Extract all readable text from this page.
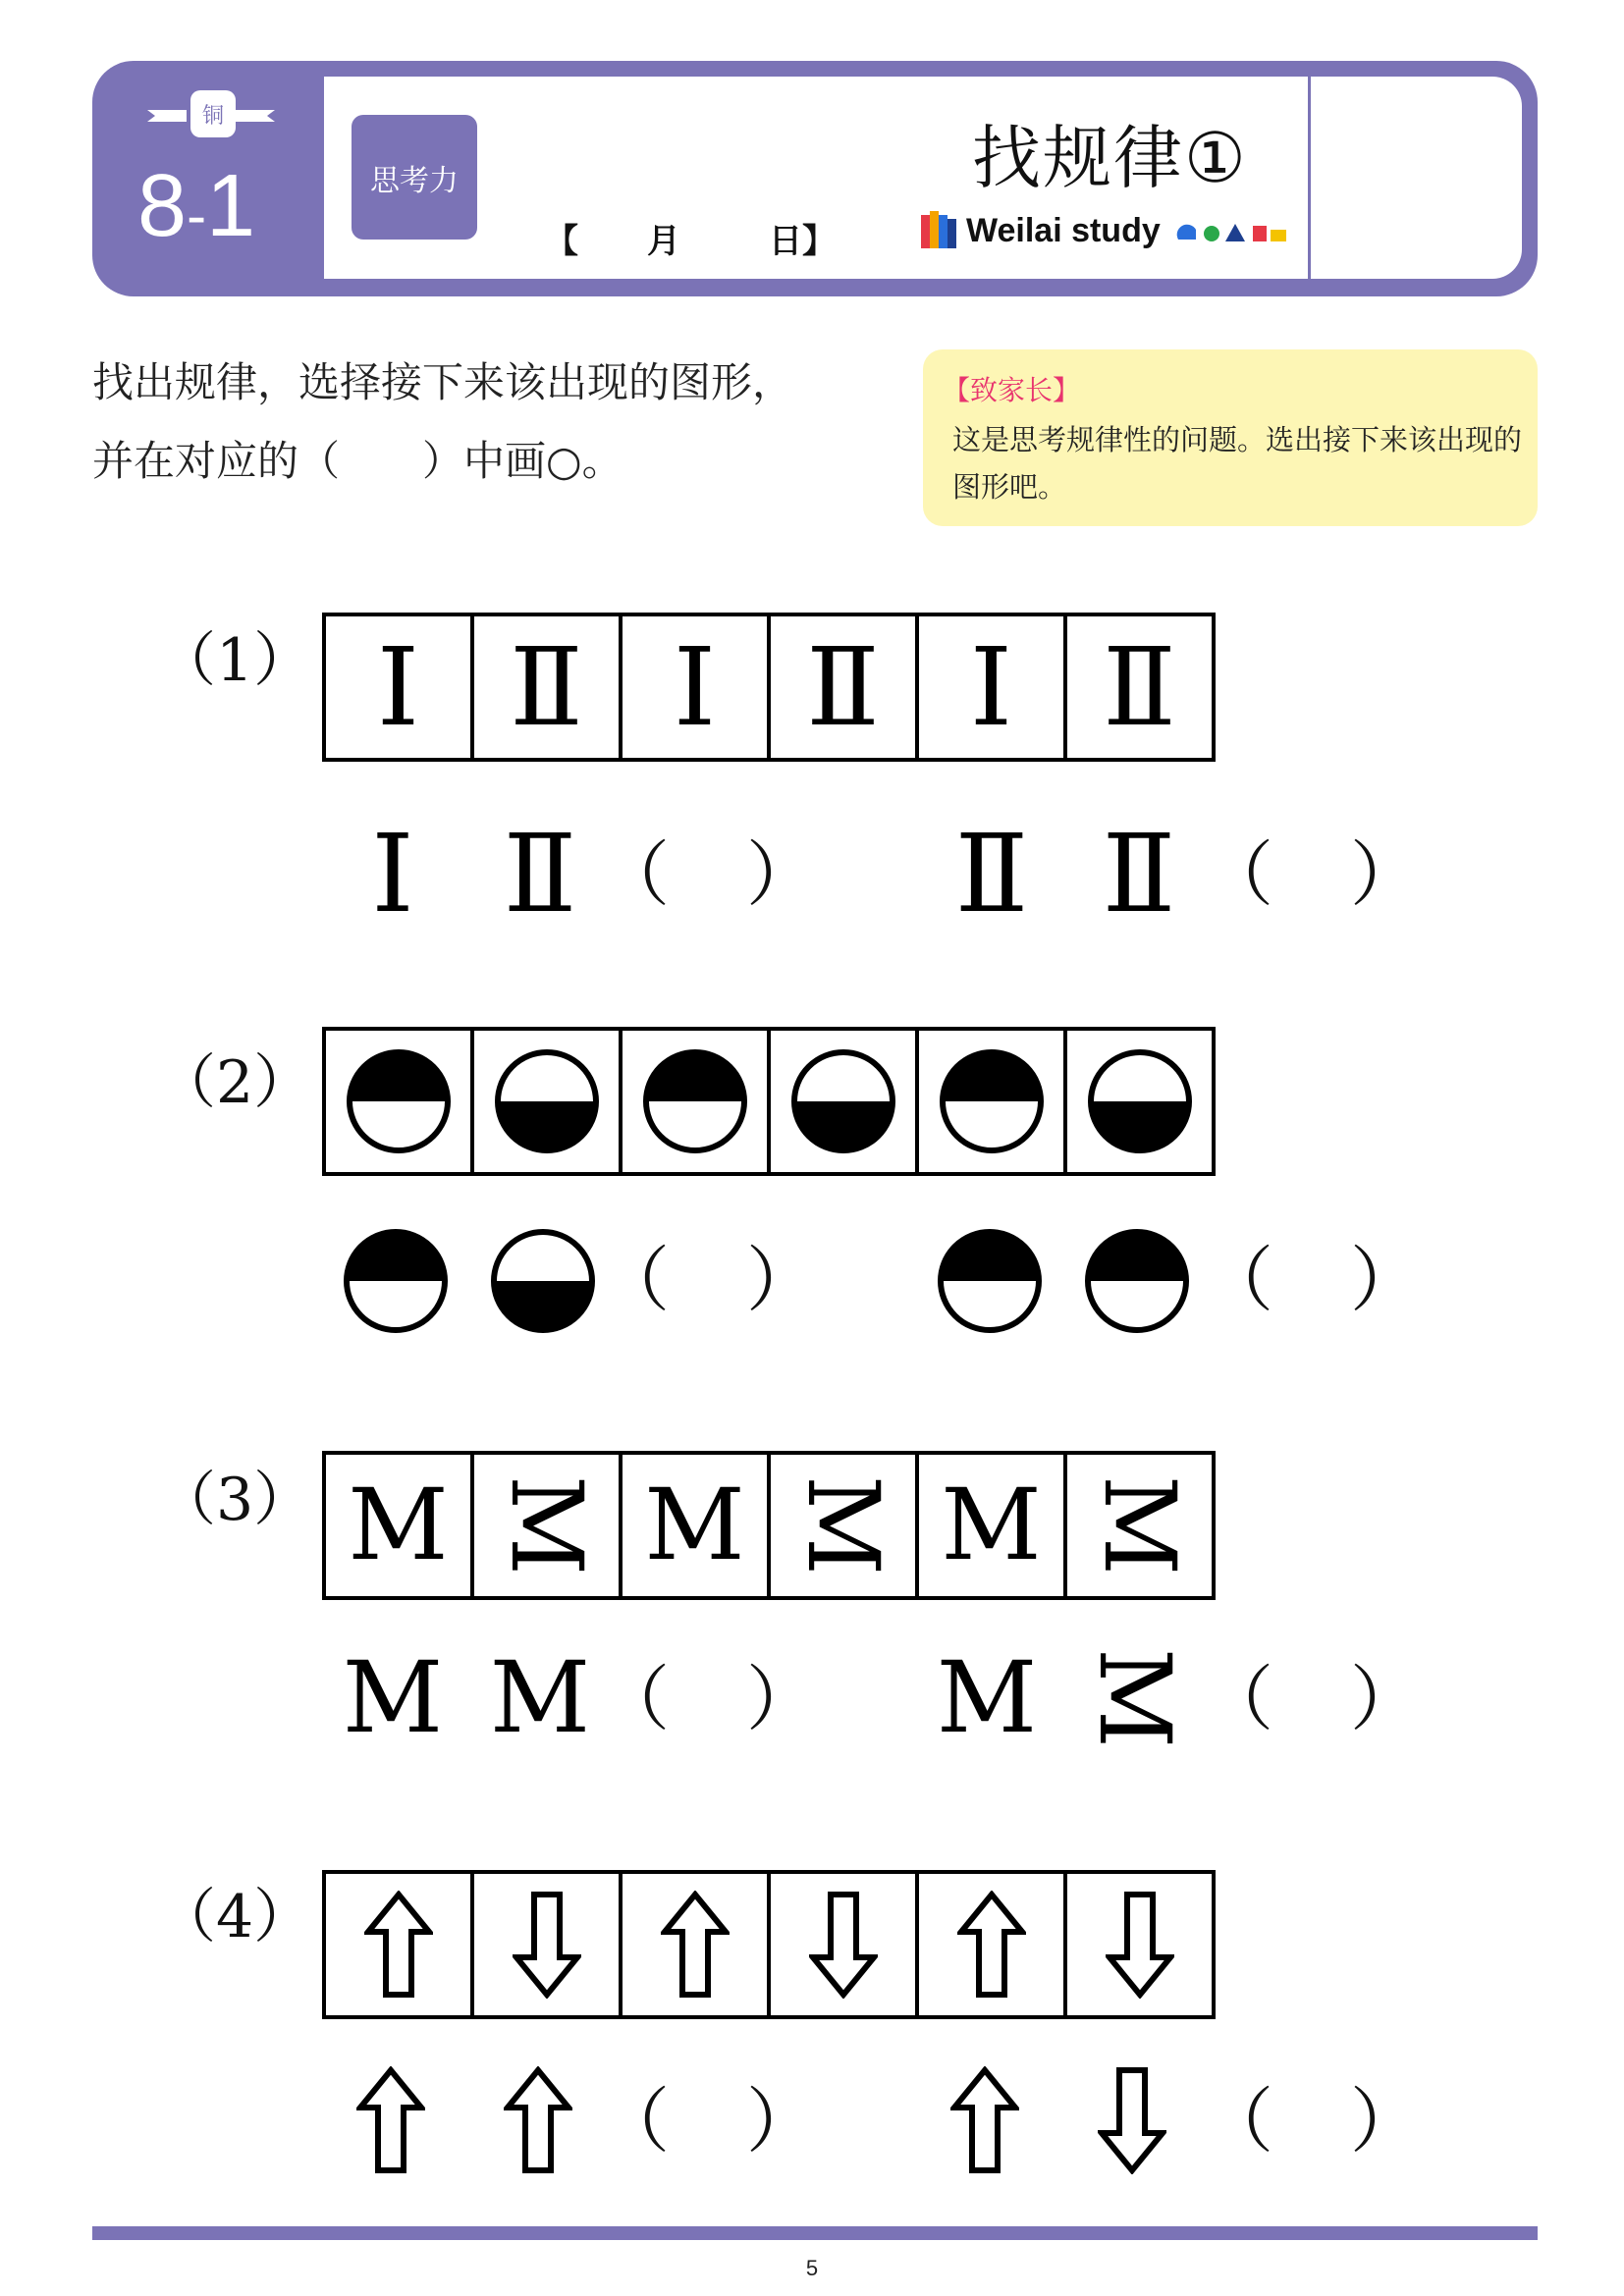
铜
8-1	思考力
【 月	日】
找规律①
Weilai study
找出规律，选择接下来该出现的图形，
并在对应的（　　）中画○。
【致家长】
这是思考规律性的问题。选出接下来该出现的图形吧。
（1） Ⅰ Ⅱ Ⅰ Ⅱ Ⅰ Ⅱ
Ⅰ Ⅱ （ ） Ⅱ Ⅱ （ ）
（2）
（ ）	（ ）
（3） M M M M M M
M M （ ） M M （ ）
（4）
（ ）	（ ）
5
